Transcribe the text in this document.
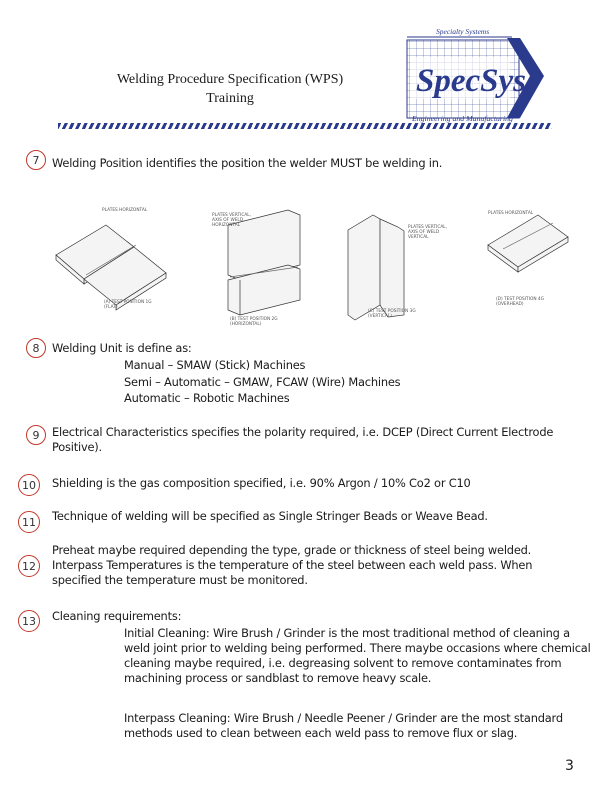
Welding Procedure Specification (WPS)
Training
Specialty Systems
SpecSys
Engineering and Manufacturing
7 Welding Position identifies the position the welder MUST be welding in.
PLATES HORIZONTAL
(A) TEST POSITION 1G (FLAT)
PLATES VERTICAL, AXIS OF WELD HORIZONTAL
(B) TEST POSITION 2G (HORIZONTAL)
PLATES VERTICAL, AXIS OF WELD VERTICAL
(C) TEST POSITION 3G (VERTICAL)
PLATES HORIZONTAL
(D) TEST POSITION 4G (OVERHEAD)
8 Welding Unit is define as:
Manual – SMAW (Stick) Machines
Semi – Automatic – GMAW, FCAW (Wire) Machines
Automatic – Robotic Machines
9 Electrical Characteristics specifies the polarity required, i.e. DCEP (Direct Current Electrode Positive).
10 Shielding is the gas composition specified, i.e. 90% Argon / 10% Co2 or C10
11 Technique of welding will be specified as Single Stringer Beads or Weave Bead.
12
Preheat maybe required depending the type, grade or thickness of steel being welded. Interpass Temperatures is the temperature of the steel between each weld pass. When specified the temperature must be monitored.
13 Cleaning requirements:
Initial Cleaning: Wire Brush / Grinder is the most traditional method of cleaning a weld joint prior to welding being performed. There maybe occasions where chemical cleaning maybe required, i.e. degreasing solvent to remove contaminates from machining process or sandblast to remove heavy scale.
Interpass Cleaning: Wire Brush / Needle Peener / Grinder are the most standard methods used to clean between each weld pass to remove flux or slag.
3
